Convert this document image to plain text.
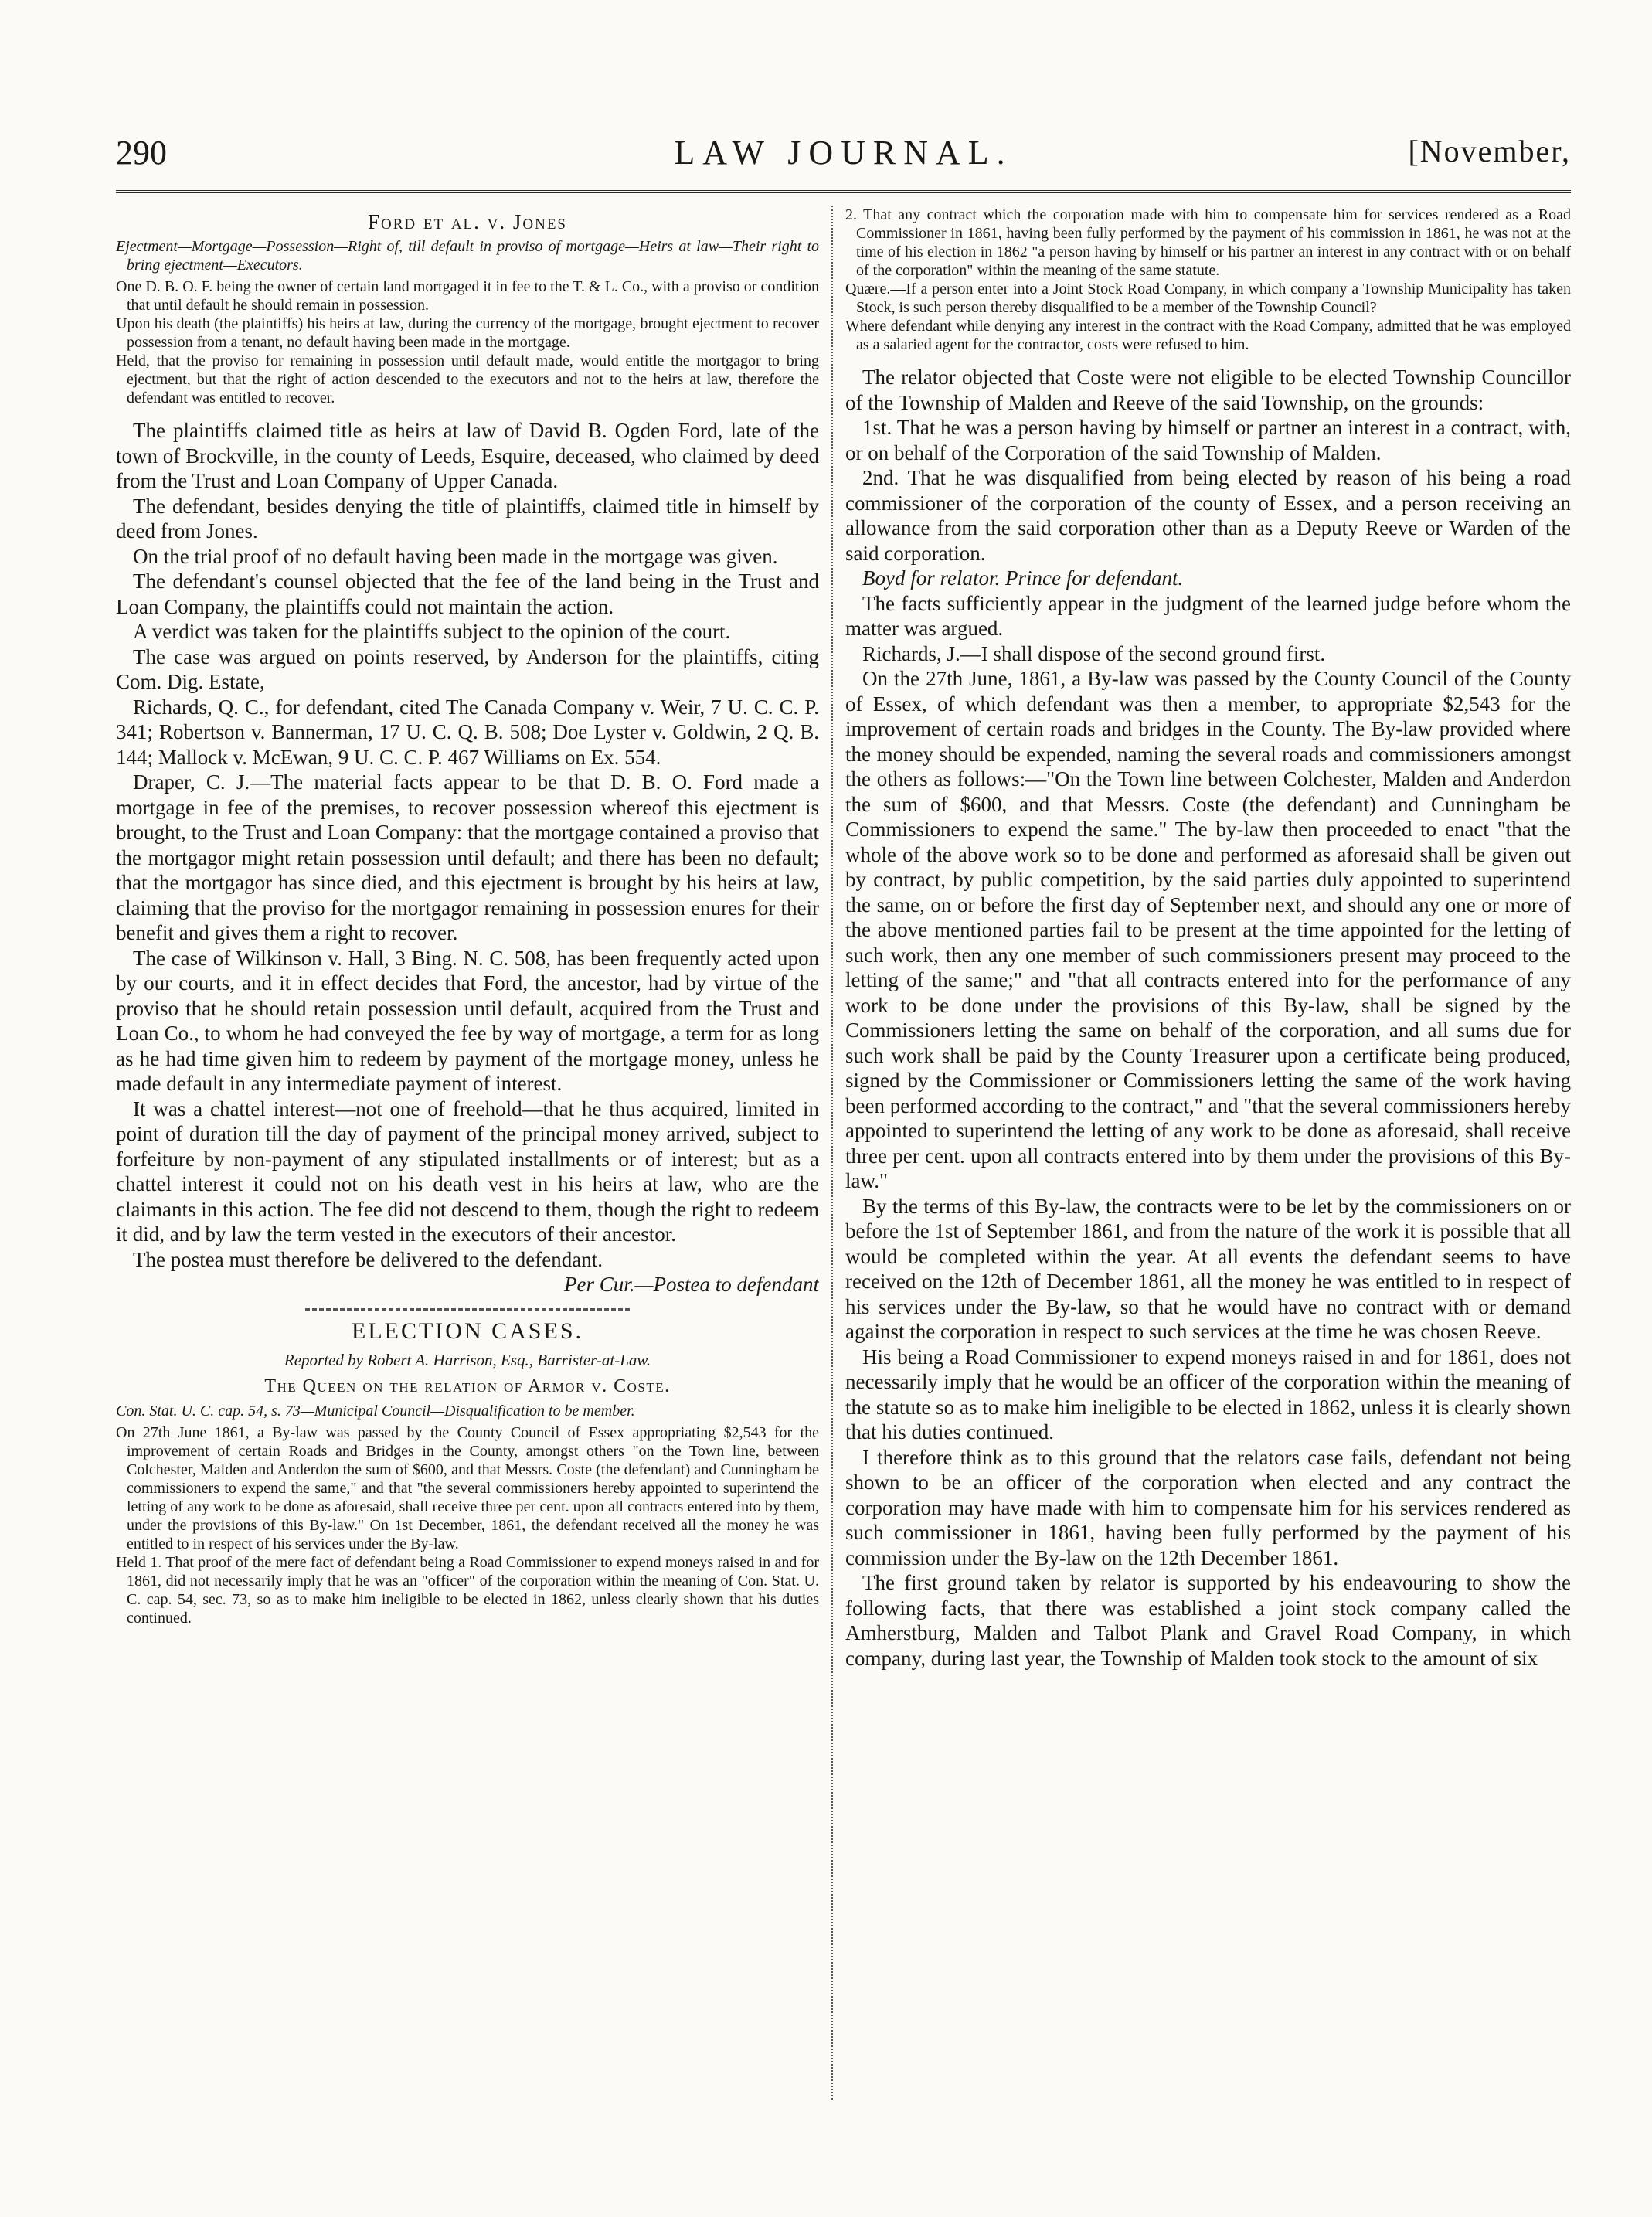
290	LAW JOURNAL.	[November,
Ford et al. v. Jones

Ejectment—Mortgage—Possession—Right of, till default in proviso of mortgage—Heirs at law—Their right to bring ejectment—Executors.

One D. B. O. F. being the owner of certain land mortgaged it in fee to the T. & L. Co., with a proviso or condition that until default he should remain in possession.

Upon his death (the plaintiffs) his heirs at law, during the currency of the mortgage, brought ejectment to recover possession from a tenant, no default having been made in the mortgage.

Held, that the proviso for remaining in possession until default made, would entitle the mortgagor to bring ejectment, but that the right of action descended to the executors and not to the heirs at law, therefore the defendant was entitled to recover.

The plaintiffs claimed title as heirs at law of David B. Ogden Ford, late of the town of Brockville, in the county of Leeds, Esquire, deceased, who claimed by deed from the Trust and Loan Company of Upper Canada.

The defendant, besides denying the title of plaintiffs, claimed title in himself by deed from Jones.

On the trial proof of no default having been made in the mortgage was given.

The defendant's counsel objected that the fee of the land being in the Trust and Loan Company, the plaintiffs could not maintain the action.

A verdict was taken for the plaintiffs subject to the opinion of the court.

The case was argued on points reserved, by Anderson for the plaintiffs, citing Com. Dig. Estate,

Richards, Q. C., for defendant, cited The Canada Company v. Weir, 7 U. C. C. P. 341; Robertson v. Bannerman, 17 U. C. Q. B. 508; Doe Lyster v. Goldwin, 2 Q. B. 144; Mallock v. McEwan, 9 U. C. C. P. 467 Williams on Ex. 554.

Draper, C. J.—The material facts appear to be that D. B. O. Ford made a mortgage in fee of the premises, to recover possession whereof this ejectment is brought, to the Trust and Loan Company: that the mortgage contained a proviso that the mortgagor might retain possession until default; and there has been no default; that the mortgagor has since died, and this ejectment is brought by his heirs at law, claiming that the proviso for the mortgagor remaining in possession enures for their benefit and gives them a right to recover.

The case of Wilkinson v. Hall, 3 Bing. N. C. 508, has been frequently acted upon by our courts, and it in effect decides that Ford, the ancestor, had by virtue of the proviso that he should retain possession until default, acquired from the Trust and Loan Co., to whom he had conveyed the fee by way of mortgage, a term for as long as he had time given him to redeem by payment of the mortgage money, unless he made default in any intermediate payment of interest.

It was a chattel interest—not one of freehold—that he thus acquired, limited in point of duration till the day of payment of the principal money arrived, subject to forfeiture by non-payment of any stipulated installments or of interest; but as a chattel interest it could not on his death vest in his heirs at law, who are the claimants in this action. The fee did not descend to them, though the right to redeem it did, and by law the term vested in the executors of their ancestor.

The postea must therefore be delivered to the defendant.

Per Cur.—Postea to defendant

ELECTION CASES.

Reported by Robert A. Harrison, Esq., Barrister-at-Law.

The Queen on the relation of Armor v. Coste.

Con. Stat. U. C. cap. 54, s. 73—Municipal Council—Disqualification to be member.

On 27th June 1861, a By-law was passed by the County Council of Essex appropriating $2,543 for the improvement of certain Roads and Bridges in the County, amongst others "on the Town line, between Colchester, Malden and Anderdon the sum of $600, and that Messrs. Coste (the defendant) and Cunningham be commissioners to expend the same," and that "the several commissioners hereby appointed to superintend the letting of any work to be done as aforesaid, shall receive three per cent. upon all contracts entered into by them, under the provisions of this By-law." On 1st December, 1861, the defendant received all the money he was entitled to in respect of his services under the By-law.

Held 1. That proof of the mere fact of defendant being a Road Commissioner to expend moneys raised in and for 1861, did not necessarily imply that he was an "officer" of the corporation within the meaning of Con. Stat. U. C. cap. 54, sec. 73, so as to make him ineligible to be elected in 1862, unless clearly shown that his duties continued.

2. That any contract which the corporation made with him to compensate him for services rendered as a Road Commissioner in 1861, having been fully performed by the payment of his commission in 1861, he was not at the time of his election in 1862 "a person having by himself or his partner an interest in any contract with or on behalf of the corporation" within the meaning of the same statute.

Quære.—If a person enter into a Joint Stock Road Company, in which company a Township Municipality has taken Stock, is such person thereby disqualified to be a member of the Township Council?

Where defendant while denying any interest in the contract with the Road Company, admitted that he was employed as a salaried agent for the contractor, costs were refused to him.

The relator objected that Coste were not eligible to be elected Township Councillor of the Township of Malden and Reeve of the said Township, on the grounds:

1st. That he was a person having by himself or partner an interest in a contract, with, or on behalf of the Corporation of the said Township of Malden.

2nd. That he was disqualified from being elected by reason of his being a road commissioner of the corporation of the county of Essex, and a person receiving an allowance from the said corporation other than as a Deputy Reeve or Warden of the said corporation.

Boyd for relator. Prince for defendant.

The facts sufficiently appear in the judgment of the learned judge before whom the matter was argued.

Richards, J.—I shall dispose of the second ground first.

On the 27th June, 1861, a By-law was passed by the County Council of the County of Essex, of which defendant was then a member, to appropriate $2,543 for the improvement of certain roads and bridges in the County. The By-law provided where the money should be expended, naming the several roads and commissioners amongst the others as follows:—"On the Town line between Colchester, Malden and Anderdon the sum of $600, and that Messrs. Coste (the defendant) and Cunningham be Commissioners to expend the same." The by-law then proceeded to enact "that the whole of the above work so to be done and performed as aforesaid shall be given out by contract, by public competition, by the said parties duly appointed to superintend the same, on or before the first day of September next, and should any one or more of the above mentioned parties fail to be present at the time appointed for the letting of such work, then any one member of such commissioners present may proceed to the letting of the same;" and "that all contracts entered into for the performance of any work to be done under the provisions of this By-law, shall be signed by the Commissioners letting the same on behalf of the corporation, and all sums due for such work shall be paid by the County Treasurer upon a certificate being produced, signed by the Commissioner or Commissioners letting the same of the work having been performed according to the contract," and "that the several commissioners hereby appointed to superintend the letting of any work to be done as aforesaid, shall receive three per cent. upon all contracts entered into by them under the provisions of this By-law."

By the terms of this By-law, the contracts were to be let by the commissioners on or before the 1st of September 1861, and from the nature of the work it is possible that all would be completed within the year. At all events the defendant seems to have received on the 12th of December 1861, all the money he was entitled to in respect of his services under the By-law, so that he would have no contract with or demand against the corporation in respect to such services at the time he was chosen Reeve.

His being a Road Commissioner to expend moneys raised in and for 1861, does not necessarily imply that he would be an officer of the corporation within the meaning of the statute so as to make him ineligible to be elected in 1862, unless it is clearly shown that his duties continued.

I therefore think as to this ground that the relators case fails, defendant not being shown to be an officer of the corporation when elected and any contract the corporation may have made with him to compensate him for his services rendered as such commissioner in 1861, having been fully performed by the payment of his commission under the By-law on the 12th December 1861.

The first ground taken by relator is supported by his endeavouring to show the following facts, that there was established a joint stock company called the Amherstburg, Malden and Talbot Plank and Gravel Road Company, in which company, during last year, the Township of Malden took stock to the amount of six
